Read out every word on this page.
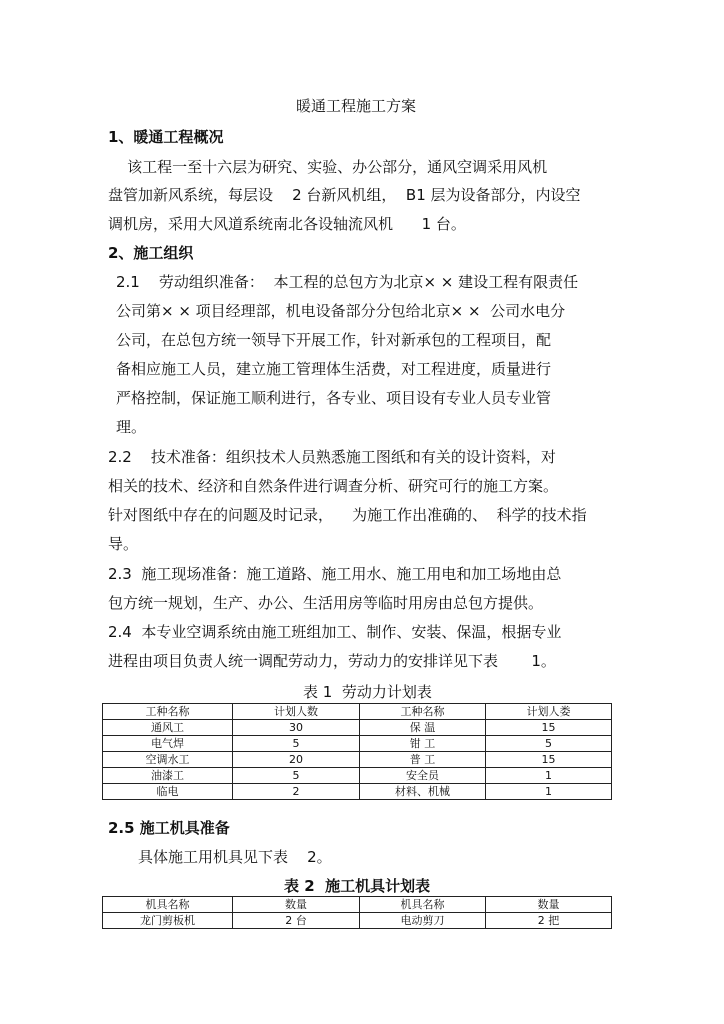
暖通工程施工方案
1、暖通工程概况
该工程一至十六层为研究、实验、办公部分，通风空调采用风机
盘管加新风系统，每层设    2 台新风机组，  B1 层为设备部分，内设空
调机房，采用大风道系统南北各设轴流风机      1 台。
2、施工组织
2.1    劳动组织准备：  本工程的总包方为北京× × 建设工程有限责任
公司第× × 项目经理部，机电设备部分分包给北京× ×  公司水电分
公司，在总包方统一领导下开展工作，针对新承包的工程项目，配
备相应施工人员，建立施工管理体生活费，对工程进度，质量进行
严格控制，保证施工顺利进行，各专业、项目设有专业人员专业管
理。
2.2    技术准备：组织技术人员熟悉施工图纸和有关的设计资料，对
相关的技术、经济和自然条件进行调查分析、研究可行的施工方案。
针对图纸中存在的问题及时记录，    为施工作出准确的、  科学的技术指
导。
2.3  施工现场准备：施工道路、施工用水、施工用电和加工场地由总
包方统一规划，生产、办公、生活用房等临时用房由总包方提供。
2.4  本专业空调系统由施工班组加工、制作、安装、保温，根据专业
进程由项目负责人统一调配劳动力，劳动力的安排详见下表       1。
表 1  劳动力计划表
工种名称	计划人数	工种名称	计划人娄
通风工	30	保 温	15
电气焊	5	钳 工	5
空调水工	20	普 工	15
油漆工	5	安全员	1
临电	2	材料、机械	1
2.5 施工机具准备
具体施工用机具见下表    2。
表 2  施工机具计划表
机具名称	数量	机具名称	数量
龙门剪板机	2 台	电动剪刀	2 把
